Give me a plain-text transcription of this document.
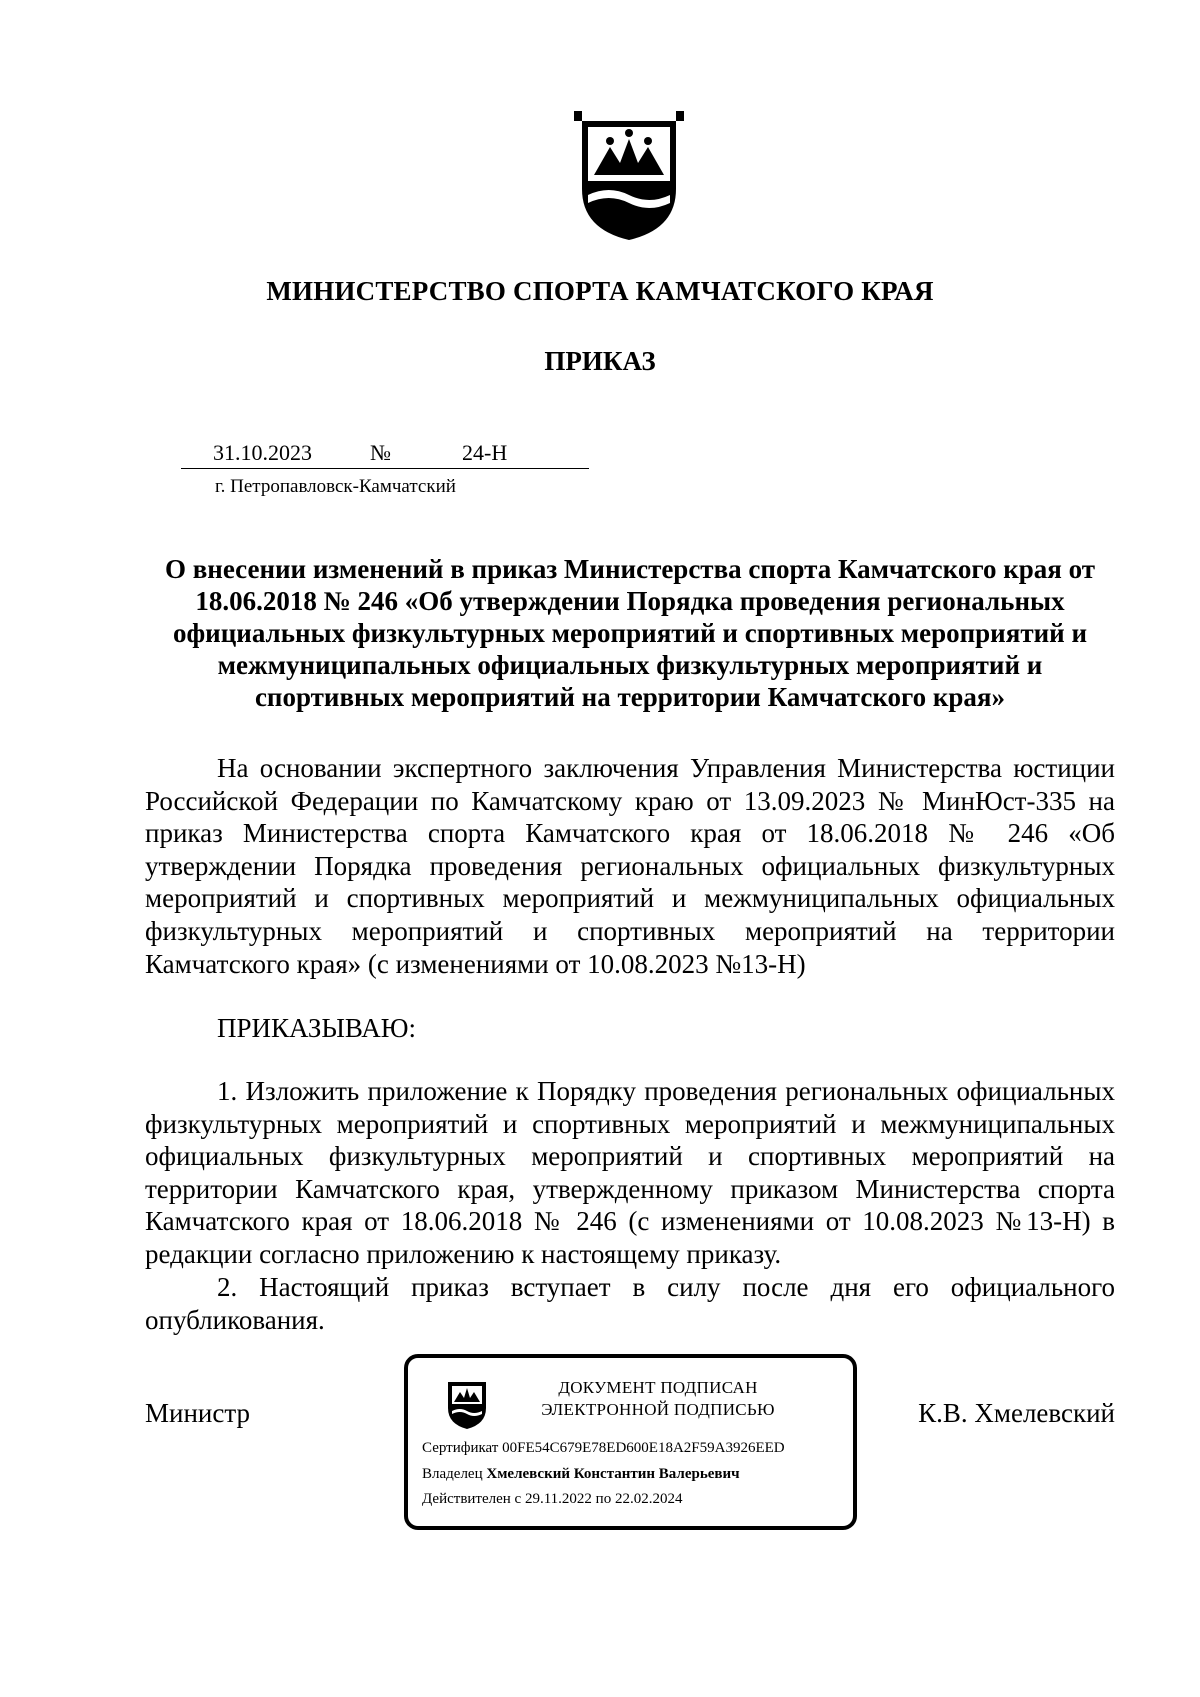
МИНИСТЕРСТВО СПОРТА КАМЧАТСКОГО КРАЯ
ПРИКАЗ
31.10.2023	№	24-Н
г. Петропавловск-Камчатский
О внесении изменений в приказ Министерства спорта Камчатского края от 18.06.2018 № 246 «Об утверждении Порядка проведения региональных официальных физкультурных мероприятий и спортивных мероприятий и межмуниципальных официальных физкультурных мероприятий и спортивных мероприятий на территории Камчатского края»

На основании экспертного заключения Управления Министерства юстиции Российской Федерации по Камчатскому краю от 13.09.2023 № МинЮст-335 на приказ Министерства спорта Камчатского края от 18.06.2018 № 246 «Об утверждении Порядка проведения региональных официальных физкультурных мероприятий и спортивных мероприятий и межмуниципальных официальных физкультурных мероприятий и спортивных мероприятий на территории Камчатского края» (с изменениями от 10.08.2023 №13-Н)

ПРИКАЗЫВАЮ:

1. Изложить приложение к Порядку проведения региональных официальных физкультурных мероприятий и спортивных мероприятий и межмуниципальных официальных физкультурных мероприятий и спортивных мероприятий на территории Камчатского края, утвержденному приказом Министерства спорта Камчатского края от 18.06.2018 № 246 (с изменениями от 10.08.2023 №13-Н) в редакции согласно приложению к настоящему приказу.

2. Настоящий приказ вступает в силу после дня его официального опубликования.

Министр	К.В. Хмелевский
ДОКУМЕНТ ПОДПИСАН
ЭЛЕКТРОННОЙ ПОДПИСЬЮ
Сертификат 00FE54C679E78ED600E18A2F59A3926EED
Владелец Хмелевский Константин Валерьевич
Действителен с 29.11.2022 по 22.02.2024
